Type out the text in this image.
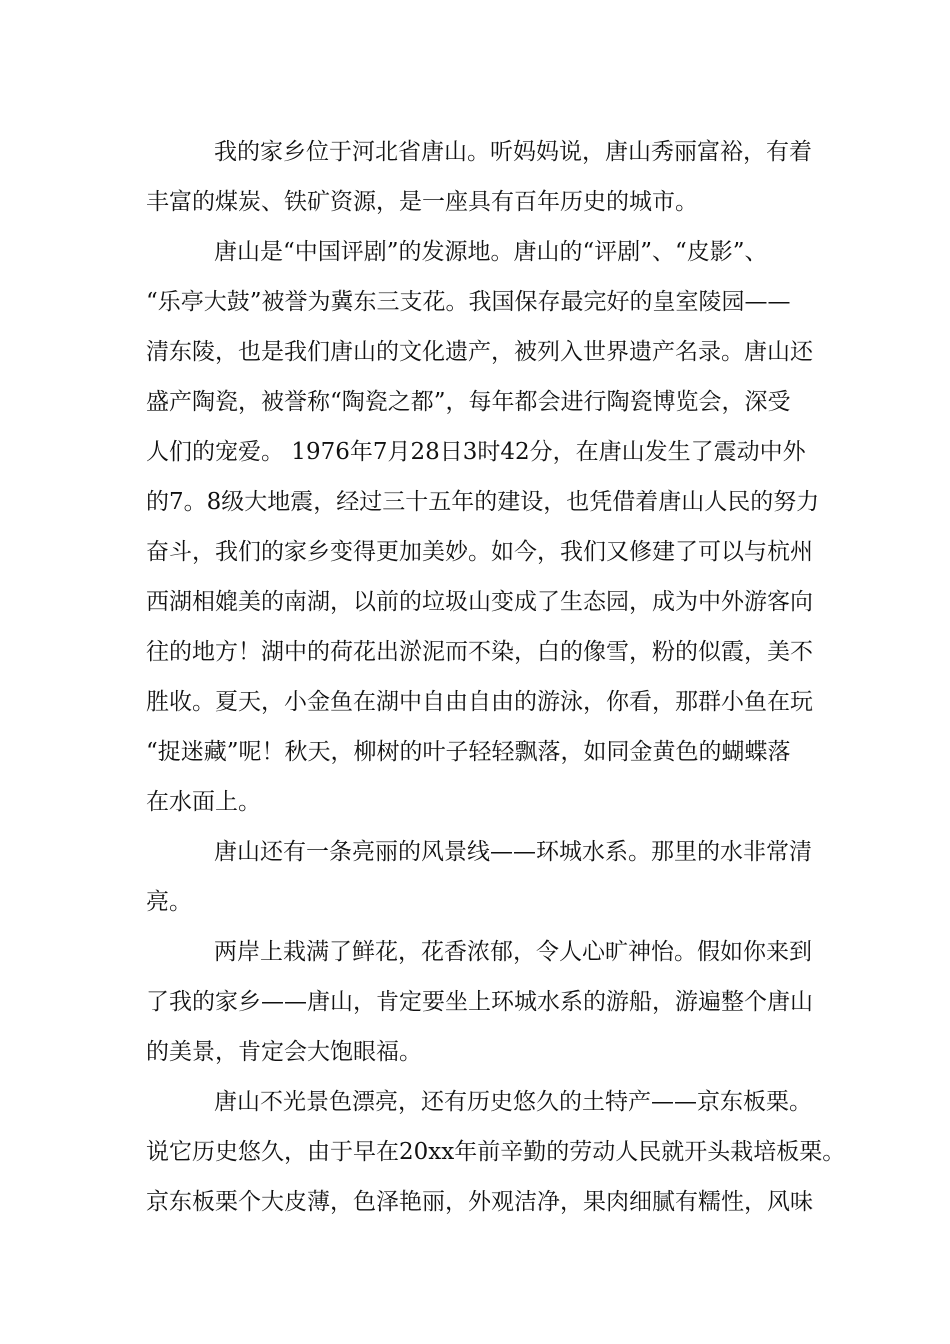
我的家乡位于河北省唐山。听妈妈说，唐山秀丽富裕，有着
丰富的煤炭、铁矿资源，是一座具有百年历史的城市。
唐山是“中国评剧”的发源地。唐山的“评剧”、“皮影”、
“乐亭大鼓”被誉为冀东三支花。我国保存最完好的皇室陵园——
清东陵，也是我们唐山的文化遗产，被列入世界遗产名录。唐山还
盛产陶瓷，被誉称“陶瓷之都”，每年都会进行陶瓷博览会，深受
人们的宠爱。 1976年7月28日3时42分，在唐山发生了震动中外
的7。8级大地震，经过三十五年的建设，也凭借着唐山人民的努力
奋斗，我们的家乡变得更加美妙。如今，我们又修建了可以与杭州
西湖相媲美的南湖，以前的垃圾山变成了生态园，成为中外游客向
往的地方！湖中的荷花出淤泥而不染，白的像雪，粉的似霞，美不
胜收。夏天，小金鱼在湖中自由自由的游泳，你看，那群小鱼在玩
“捉迷藏”呢！秋天，柳树的叶子轻轻飘落，如同金黄色的蝴蝶落
在水面上。
唐山还有一条亮丽的风景线——环城水系。那里的水非常清
亮。
两岸上栽满了鲜花，花香浓郁，令人心旷神怡。假如你来到
了我的家乡——唐山，肯定要坐上环城水系的游船，游遍整个唐山
的美景，肯定会大饱眼福。
唐山不光景色漂亮，还有历史悠久的土特产——京东板栗。
说它历史悠久，由于早在20xx年前辛勤的劳动人民就开头栽培板栗。
京东板栗个大皮薄，色泽艳丽，外观洁净，果肉细腻有糯性，风味
